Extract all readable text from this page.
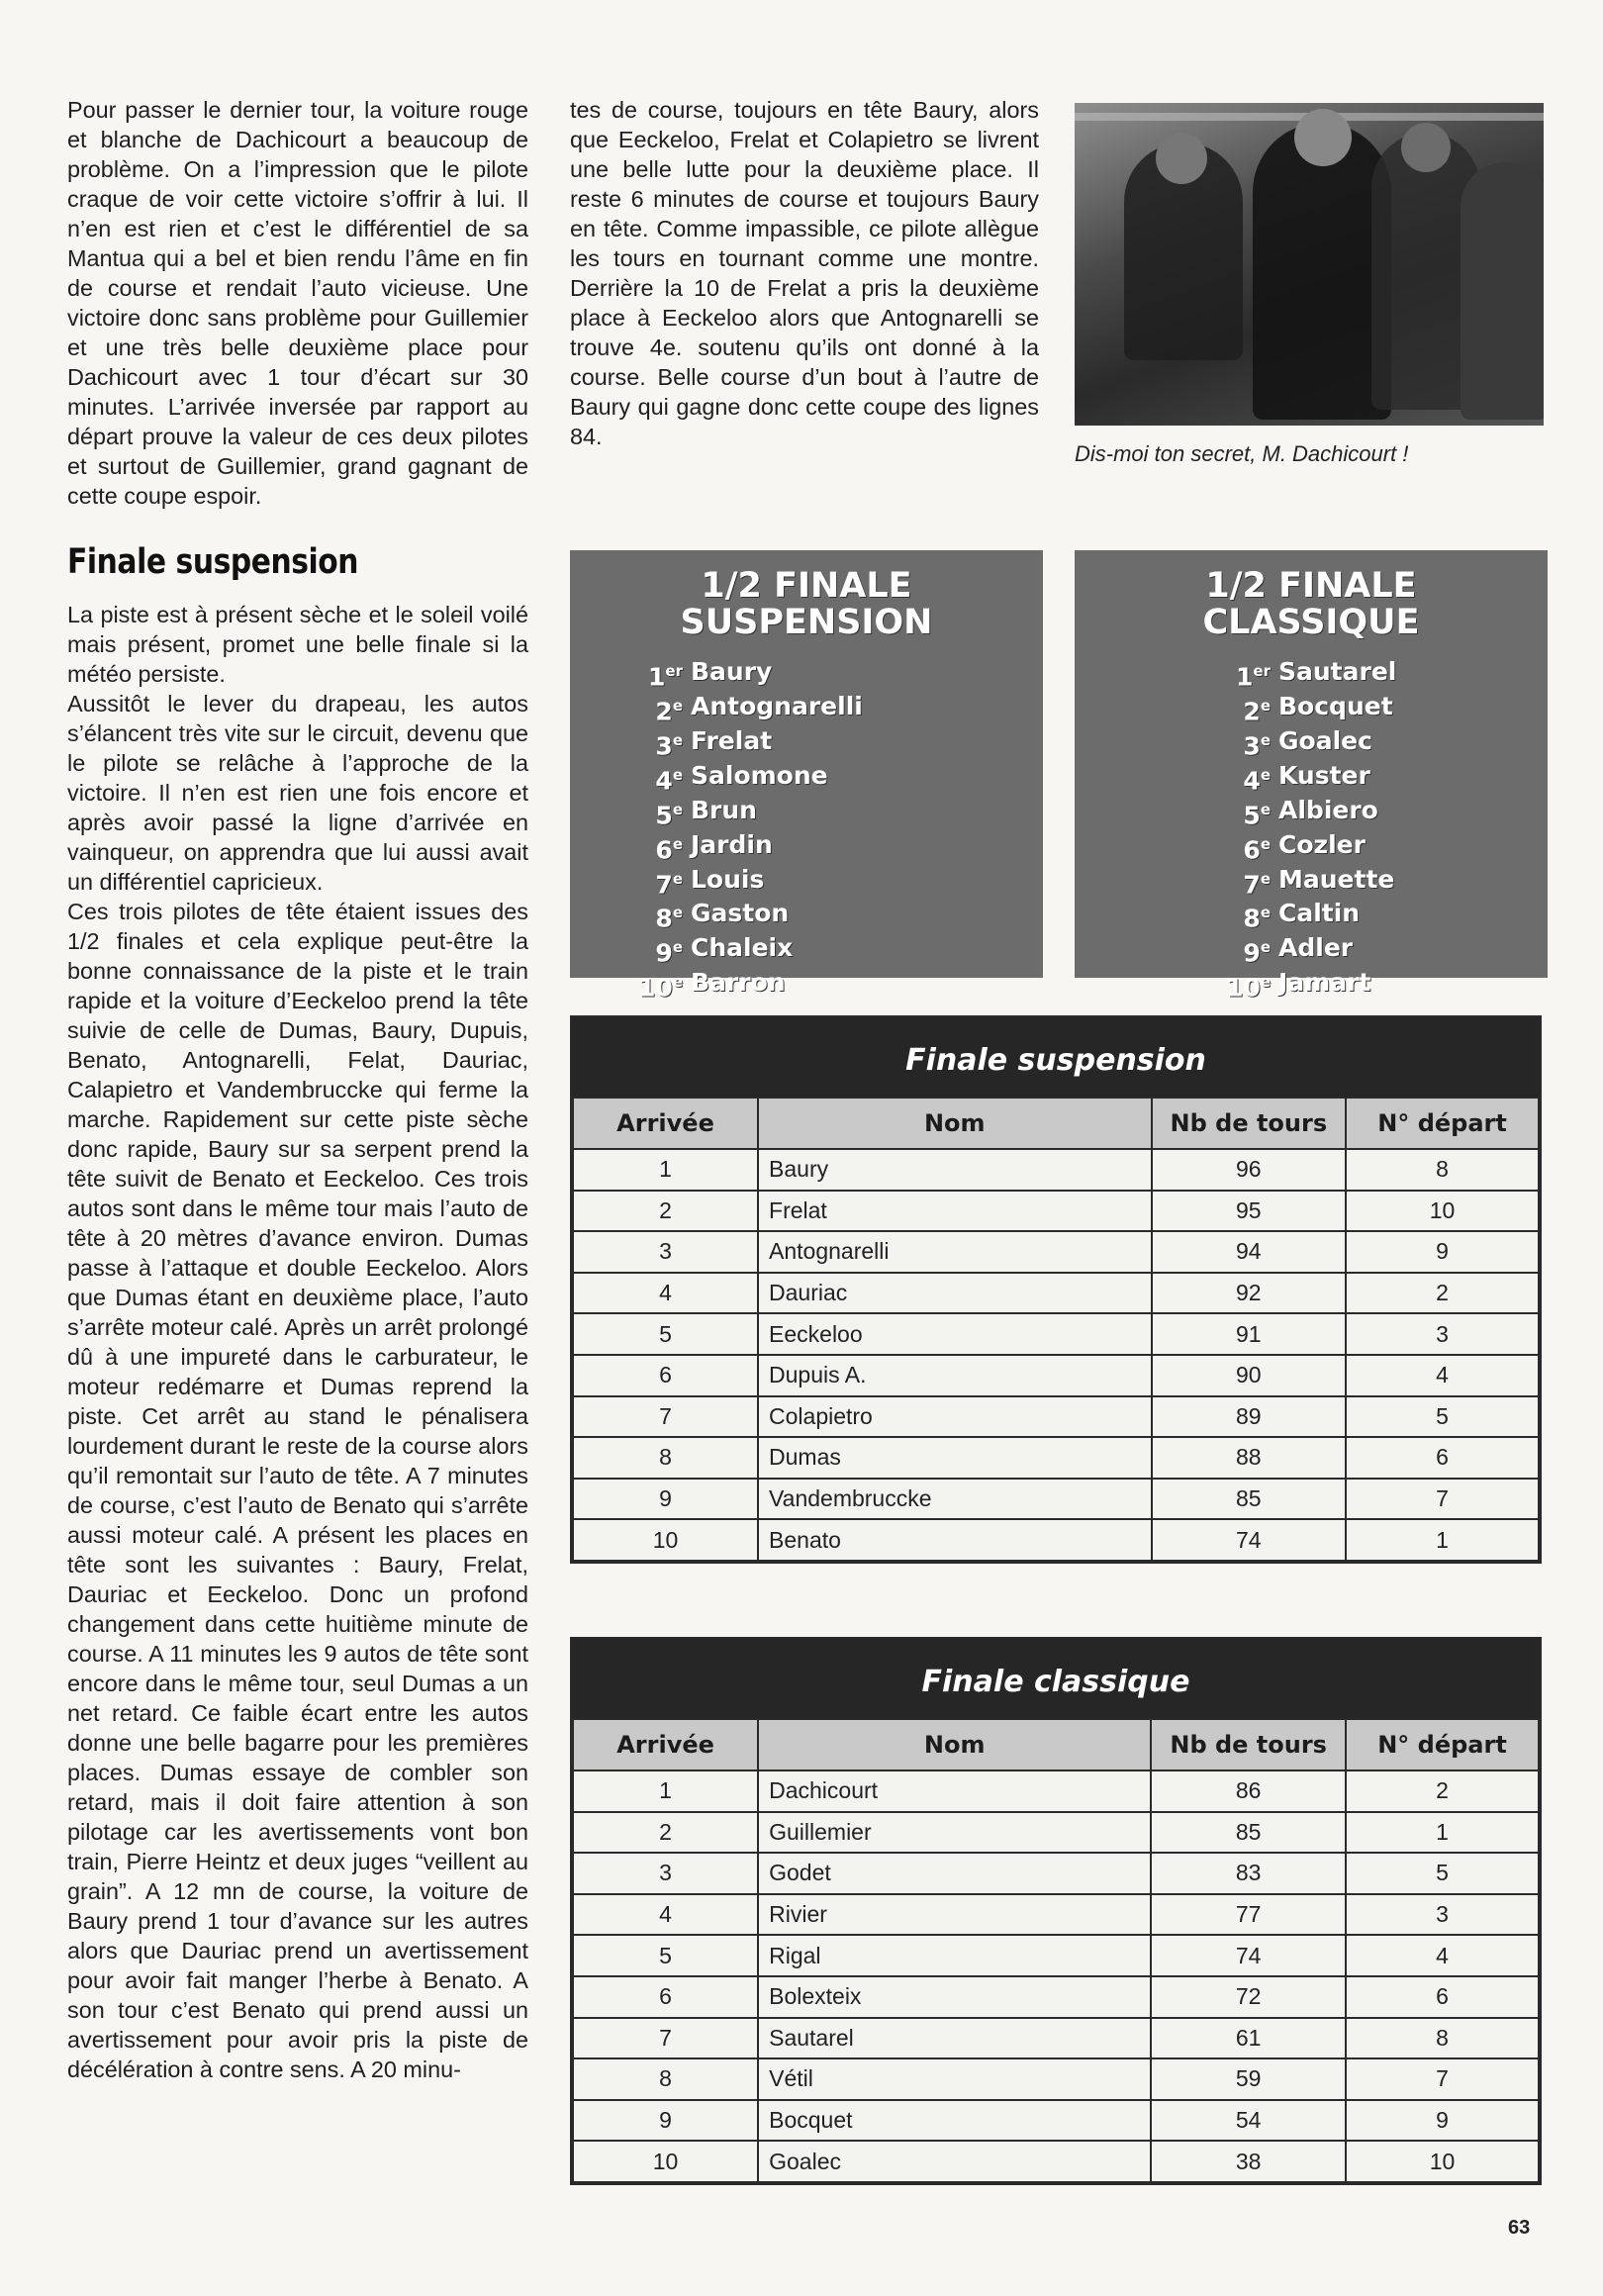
Pour passer le dernier tour, la voiture rouge et blanche de Dachicourt a beaucoup de problème. On a l’impression que le pilote craque de voir cette victoire s’offrir à lui. Il n’en est rien et c’est le différentiel de sa Mantua qui a bel et bien rendu l’âme en fin de course et rendait l’auto vicieuse. Une victoire donc sans problème pour Guillemier et une très belle deuxième place pour Dachicourt avec 1 tour d’écart sur 30 minutes. L’arrivée inversée par rapport au départ prouve la valeur de ces deux pilotes et surtout de Guillemier, grand gagnant de cette coupe espoir.

Finale suspension

La piste est à présent sèche et le soleil voilé mais présent, promet une belle finale si la météo persiste.

Aussitôt le lever du drapeau, les autos s’élancent très vite sur le circuit, devenu que le pilote se relâche à l’approche de la victoire. Il n’en est rien une fois encore et après avoir passé la ligne d’arrivée en vainqueur, on apprendra que lui aussi avait un différentiel capricieux.

Ces trois pilotes de tête étaient issues des 1/2 finales et cela explique peut-être la bonne connaissance de la piste et le train rapide et la voiture d’Eeckeloo prend la tête suivie de celle de Dumas, Baury, Dupuis, Benato, Antognarelli, Felat, Dauriac, Calapietro et Vandembruccke qui ferme la marche. Rapidement sur cette piste sèche donc rapide, Baury sur sa serpent prend la tête suivit de Benato et Eeckeloo. Ces trois autos sont dans le même tour mais l’auto de tête à 20 mètres d’avance environ. Dumas passe à l’attaque et double Eeckeloo. Alors que Dumas étant en deuxième place, l’auto s’arrête moteur calé. Après un arrêt prolongé dû à une impureté dans le carburateur, le moteur redémarre et Dumas reprend la piste. Cet arrêt au stand le pénalisera lourdement durant le reste de la course alors qu’il remontait sur l’auto de tête. A 7 minutes de course, c’est l’auto de Benato qui s’arrête aussi moteur calé. A présent les places en tête sont les suivantes : Baury, Frelat, Dauriac et Eeckeloo. Donc un profond changement dans cette huitième minute de course. A 11 minutes les 9 autos de tête sont encore dans le même tour, seul Dumas a un net retard. Ce faible écart entre les autos donne une belle bagarre pour les premières places. Dumas essaye de combler son retard, mais il doit faire attention à son pilotage car les avertissements vont bon train, Pierre Heintz et deux juges “veillent au grain”. A 12 mn de course, la voiture de Baury prend 1 tour d’avance sur les autres alors que Dauriac prend un avertissement pour avoir fait manger l’herbe à Benato. A son tour c’est Benato qui prend aussi un avertissement pour avoir pris la piste de décélération à contre sens. A 20 minu-

tes de course, toujours en tête Baury, alors que Eeckeloo, Frelat et Colapietro se livrent une belle lutte pour la deuxième place. Il reste 6 minutes de course et toujours Baury en tête. Comme impassible, ce pilote allègue les tours en tournant comme une montre. Derrière la 10 de Frelat a pris la deuxième place à Eeckeloo alors que Antognarelli se trouve 4e. soutenu qu’ils ont donné à la course. Belle course d’un bout à l’autre de Baury qui gagne donc cette coupe des lignes 84.

Dis-moi ton secret, M. Dachicourt !

1/2 FINALE
SUSPENSION
1er Baury
2e Antognarelli
3e Frelat
4e Salomone
5e Brun
6e Jardin
7e Louis
8e Gaston
9e Chaleix
10e Barron
1/2 FINALE
CLASSIQUE
1er Sautarel
2e Bocquet
3e Goalec
4e Kuster
5e Albiero
6e Cozler
7e Mauette
8e Caltin
9e Adler
10e Jamart
Finale suspension
Arrivée	Nom	Nb de tours	N° départ
1	Baury	96	8
2	Frelat	95	10
3	Antognarelli	94	9
4	Dauriac	92	2
5	Eeckeloo	91	3
6	Dupuis A.	90	4
7	Colapietro	89	5
8	Dumas	88	6
9	Vandembruccke	85	7
10	Benato	74	1
Finale classique
Arrivée	Nom	Nb de tours	N° départ
1	Dachicourt	86	2
2	Guillemier	85	1
3	Godet	83	5
4	Rivier	77	3
5	Rigal	74	4
6	Bolexteix	72	6
7	Sautarel	61	8
8	Vétil	59	7
9	Bocquet	54	9
10	Goalec	38	10
63
